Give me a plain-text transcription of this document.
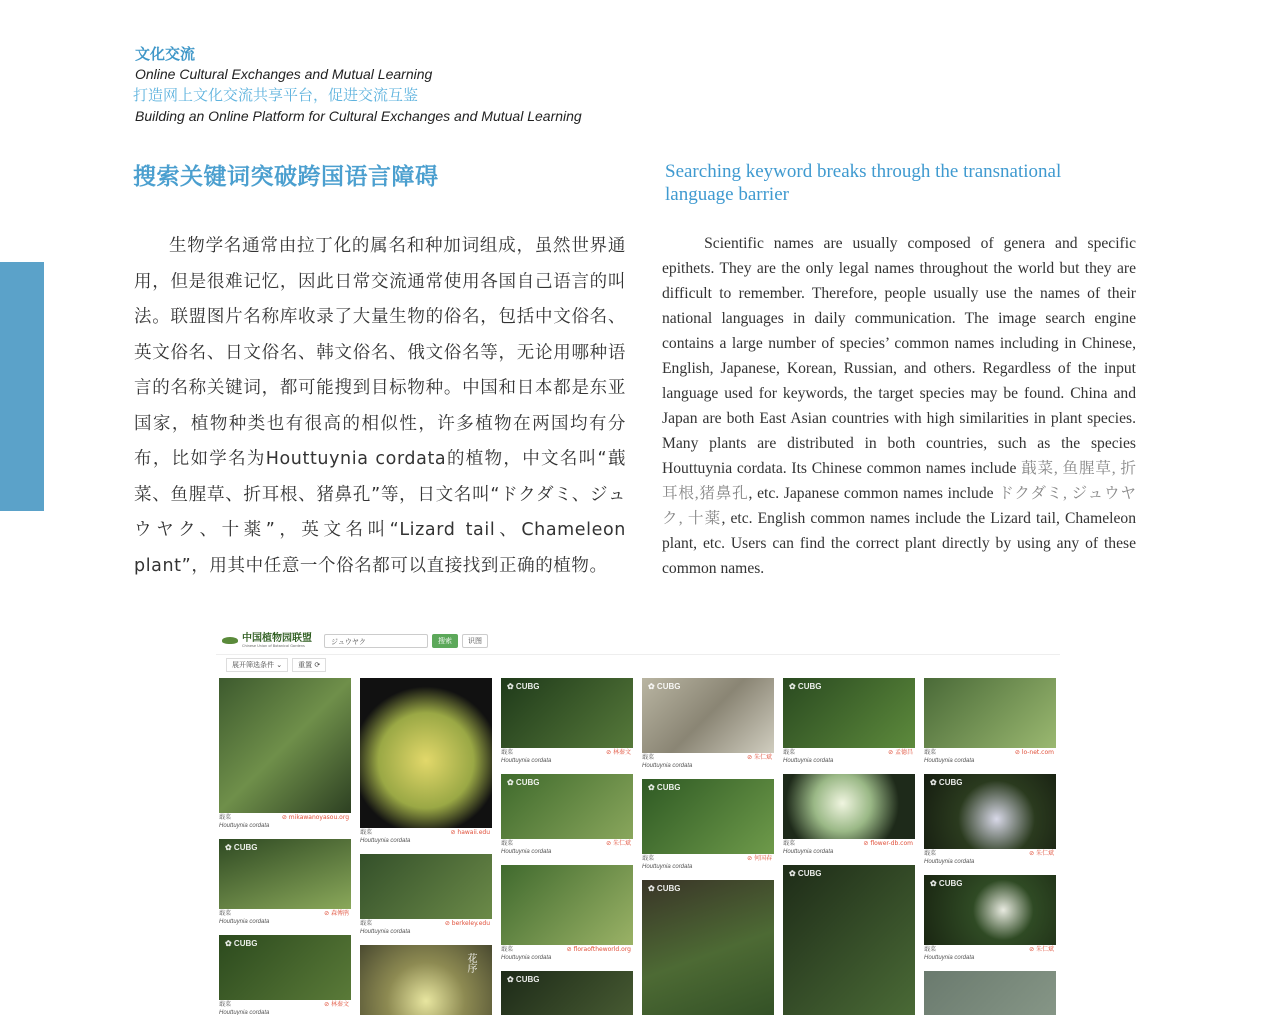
文化交流
Online Cultural Exchanges and Mutual Learning
打造网上文化交流共享平台，促进交流互鉴
Building an Online Platform for Cultural Exchanges and Mutual Learning
搜索关键词突破跨国语言障碍	Searching keyword breaks through the transnational language barrier
生物学名通常由拉丁化的属名和种加词组成，虽然世界通用，但是很难记忆，因此日常交流通常使用各国自己语言的叫法。联盟图片名称库收录了大量生物的俗名，包括中文俗名、英文俗名、日文俗名、韩文俗名、俄文俗名等，无论用哪种语言的名称关键词，都可能搜到目标物种。中国和日本都是东亚国家，植物种类也有很高的相似性，许多植物在两国均有分布，比如学名为Houttuynia cordata的植物，中文名叫“蕺菜、鱼腥草、折耳根、猪鼻孔”等，日文名叫“ドクダミ、ジュウヤク、十薬”，英文名叫“Lizard tail、Chameleon plant”，用其中任意一个俗名都可以直接找到正确的植物。
Scientific names are usually composed of genera and specific epithets. They are the only legal names throughout the world but they are difficult to remember. Therefore, people usually use the names of their national languages in daily communication. The image search engine contains a large number of species’ common names including in Chinese, English, Japanese, Korean, Russian, and others. Regardless of the input language used for keywords, the target species may be found. China and Japan are both East Asian countries with high similarities in plant species. Many plants are distributed in both countries, such as the species Houttuynia cordata. Its Chinese common names include 蕺菜, 鱼腥草, 折耳根,猪鼻孔, etc. Japanese common names include ドクダミ, ジュウヤク, 十薬, etc. English common names include the Lizard tail, Chameleon plant, etc. Users can find the correct plant directly by using any of these common names.
中国植物园联盟
Chinese Union of Botanical Gardens	ジュウヤク	搜索	识图
展开筛选条件 ⌄	重置 ⟳
蕺菜
Houttuynia cordata
⊘ mikawanoyasou.org
✿ CUBG
蕺菜
Houttuynia cordata
⊘ 森傅鹃
✿ CUBG
蕺菜
Houttuynia cordata
⊘ 林秦文
蕺菜
Houttuynia cordata
⊘ hawaii.edu
蕺菜
Houttuynia cordata
⊘ berkeley.edu
花序
✿ CUBG
蕺菜
Houttuynia cordata
⊘ 林秦文
✿ CUBG
蕺菜
Houttuynia cordata
⊘ 朱仁斌
蕺菜
Houttuynia cordata
⊘ floraoftheworld.org
✿ CUBG
✿ CUBG
蕺菜
Houttuynia cordata
⊘ 朱仁斌
✿ CUBG
蕺菜
Houttuynia cordata
⊘ 何国春
✿ CUBG
✿ CUBG
蕺菜
Houttuynia cordata
⊘ 孟德昌
蕺菜
Houttuynia cordata
⊘ flower-db.com
✿ CUBG
蕺菜
Houttuynia cordata
⊘ lo-net.com
✿ CUBG
蕺菜
Houttuynia cordata
⊘ 朱仁斌
✿ CUBG
蕺菜
Houttuynia cordata
⊘ 朱仁斌
